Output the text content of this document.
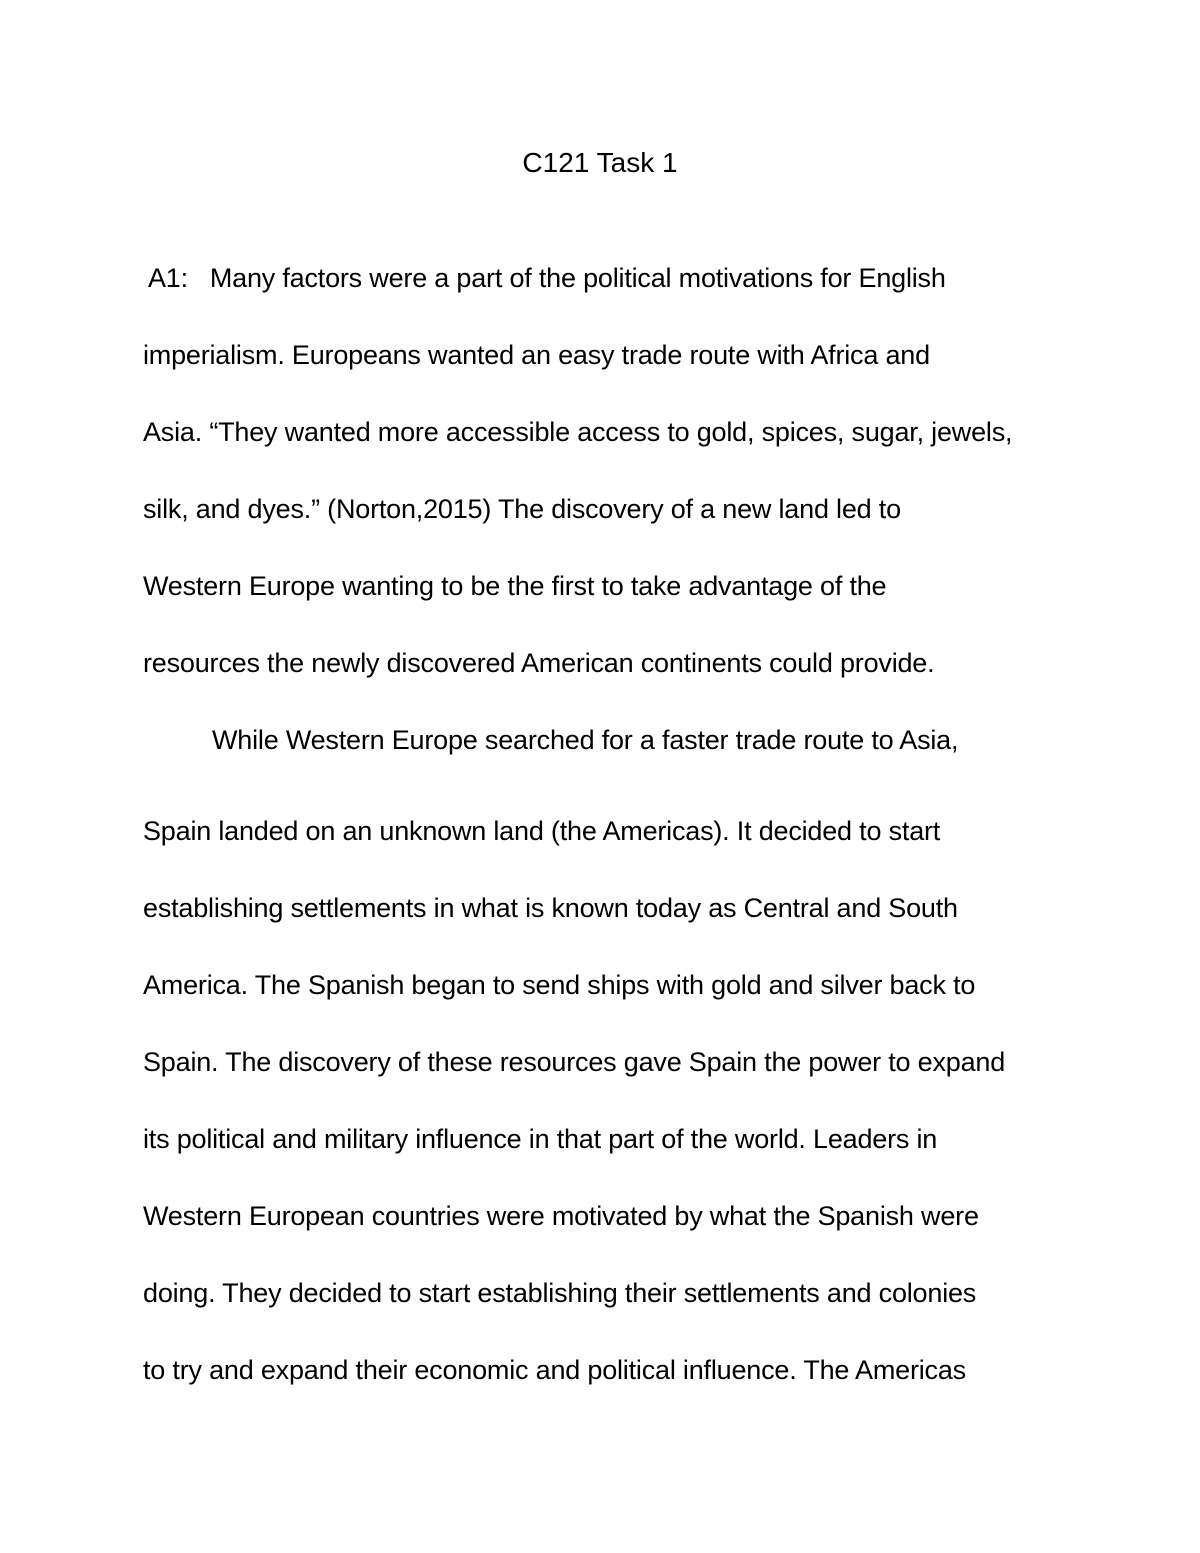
C121 Task 1
A1:   Many factors were a part of the political motivations for English
imperialism. Europeans wanted an easy trade route with Africa and
Asia. “They wanted more accessible access to gold, spices, sugar, jewels,
silk, and dyes.” (Norton,2015) The discovery of a new land led to
Western Europe wanting to be the first to take advantage of the
resources the newly discovered American continents could provide.
While Western Europe searched for a faster trade route to Asia,
Spain landed on an unknown land (the Americas). It decided to start
establishing settlements in what is known today as Central and South
America. The Spanish began to send ships with gold and silver back to
Spain. The discovery of these resources gave Spain the power to expand
its political and military influence in that part of the world. Leaders in
Western European countries were motivated by what the Spanish were
doing. They decided to start establishing their settlements and colonies
to try and expand their economic and political influence. The Americas
